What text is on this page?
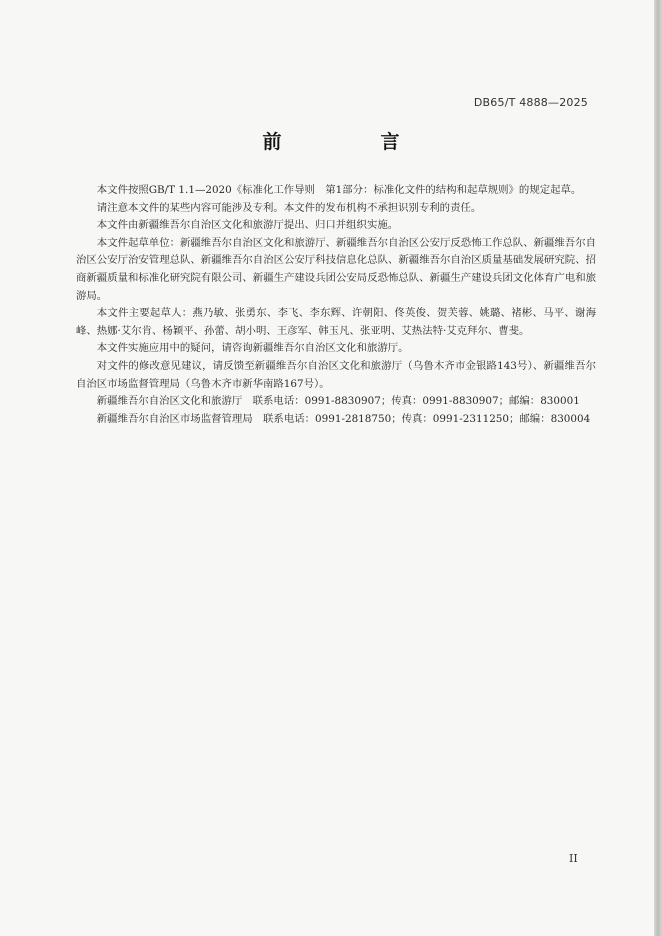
DB65/T 4888—2025
前　言

本文件按照GB/T 1.1—2020《标准化工作导则　第1部分：标准化文件的结构和起草规则》的规定起草。

请注意本文件的某些内容可能涉及专利。本文件的发布机构不承担识别专利的责任。

本文件由新疆维吾尔自治区文化和旅游厅提出、归口并组织实施。

本文件起草单位：新疆维吾尔自治区文化和旅游厅、新疆维吾尔自治区公安厅反恐怖工作总队、新疆维吾尔自治区公安厅治安管理总队、新疆维吾尔自治区公安厅科技信息化总队、新疆维吾尔自治区质量基础发展研究院、招商新疆质量和标准化研究院有限公司、新疆生产建设兵团公安局反恐怖总队、新疆生产建设兵团文化体育广电和旅游局。

本文件主要起草人：燕乃敏、张勇东、李飞、李东辉、许朝阳、佟英俊、贺芙蓉、姚璐、褚彬、马平、谢海峰、热娜·艾尔肯、杨颖平、孙蕾、胡小明、王彦军、韩玉凡、张亚明、艾热法特·艾克拜尔、曹斐。

本文件实施应用中的疑问，请咨询新疆维吾尔自治区文化和旅游厅。

对文件的修改意见建议，请反馈至新疆维吾尔自治区文化和旅游厅（乌鲁木齐市金银路143号）、新疆维吾尔自治区市场监督管理局（乌鲁木齐市新华南路167号）。

新疆维吾尔自治区文化和旅游厅　联系电话：0991-8830907；传真：0991-8830907；邮编：830001

新疆维吾尔自治区市场监督管理局　联系电话：0991-2818750；传真：0991-2311250；邮编：830004

II
